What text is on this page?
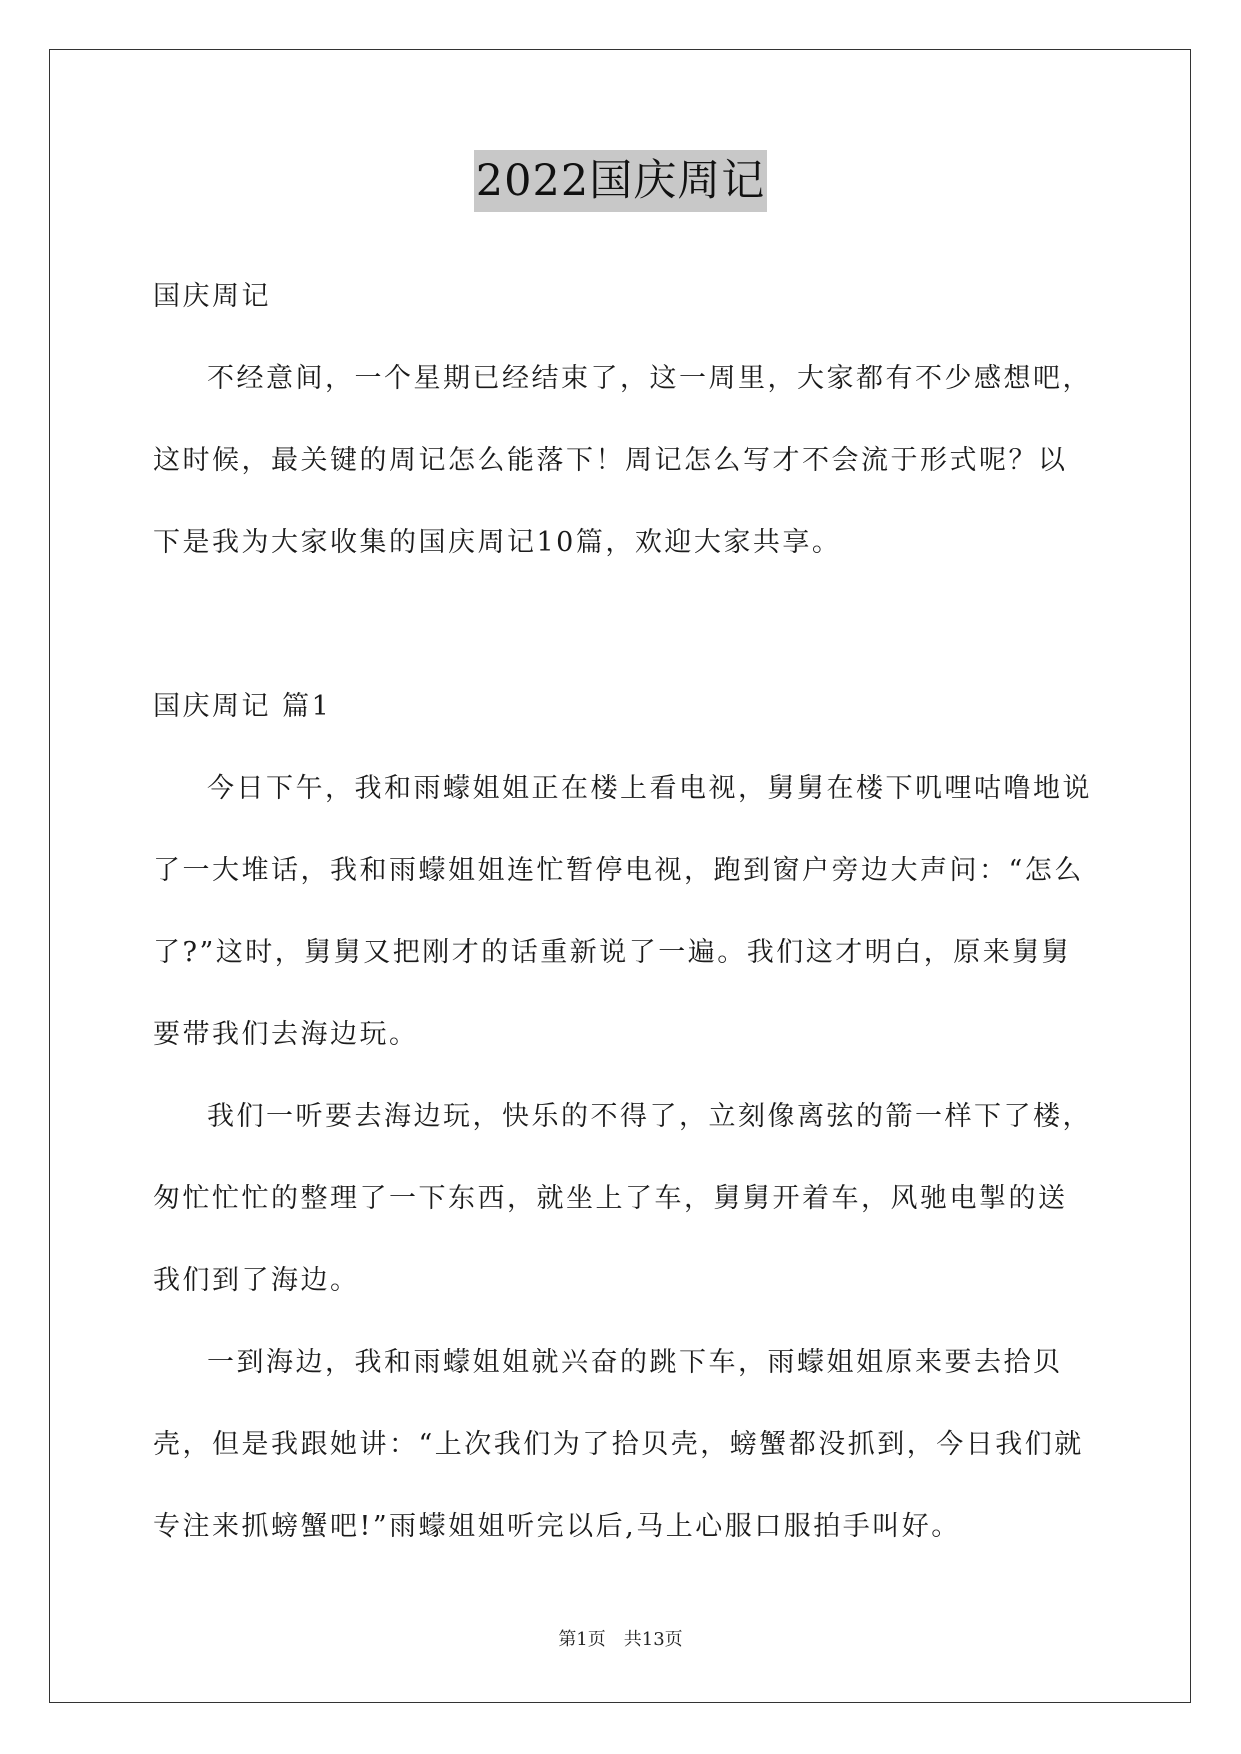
2022国庆周记

国庆周记

不经意间，一个星期已经结束了，这一周里，大家都有不少感想吧，这时候，最关键的周记怎么能落下！周记怎么写才不会流于形式呢？以下是我为大家收集的国庆周记10篇，欢迎大家共享。

国庆周记 篇1

今日下午，我和雨蠓姐姐正在楼上看电视，舅舅在楼下叽哩咕噜地说了一大堆话，我和雨蠓姐姐连忙暂停电视，跑到窗户旁边大声问：“怎么了?”这时，舅舅又把刚才的话重新说了一遍。我们这才明白，原来舅舅要带我们去海边玩。

我们一听要去海边玩，快乐的不得了，立刻像离弦的箭一样下了楼，匆忙忙忙的整理了一下东西，就坐上了车，舅舅开着车，风驰电掣的送我们到了海边。

一到海边，我和雨蠓姐姐就兴奋的跳下车，雨蠓姐姐原来要去拾贝壳，但是我跟她讲：“上次我们为了拾贝壳，螃蟹都没抓到，今日我们就专注来抓螃蟹吧!”雨蠓姐姐听完以后,马上心服口服拍手叫好。

第1页 共13页
